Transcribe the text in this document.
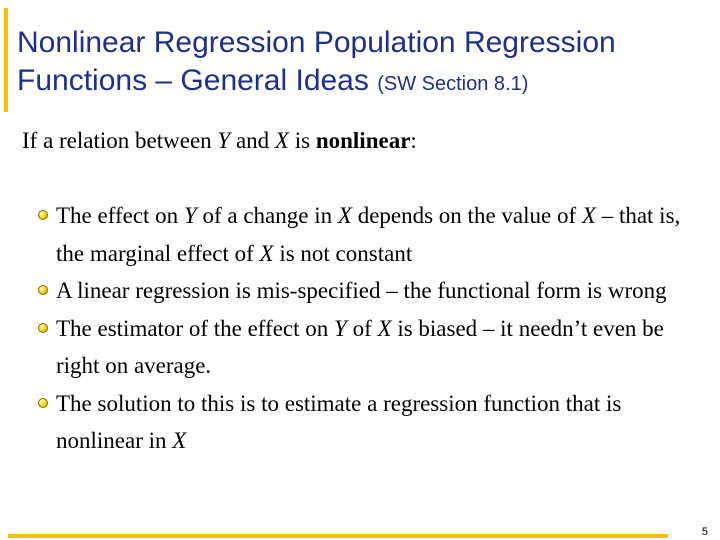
Nonlinear Regression Population Regression Functions – General Ideas (SW Section 8.1)
If a relation between Y and X is nonlinear:
The effect on Y of a change in X depends on the value of X – that is, the marginal effect of X is not constant
A linear regression is mis-specified – the functional form is wrong
The estimator of the effect on Y of X is biased – it needn’t even be right on average.
The solution to this is to estimate a regression function that is nonlinear in X
5
